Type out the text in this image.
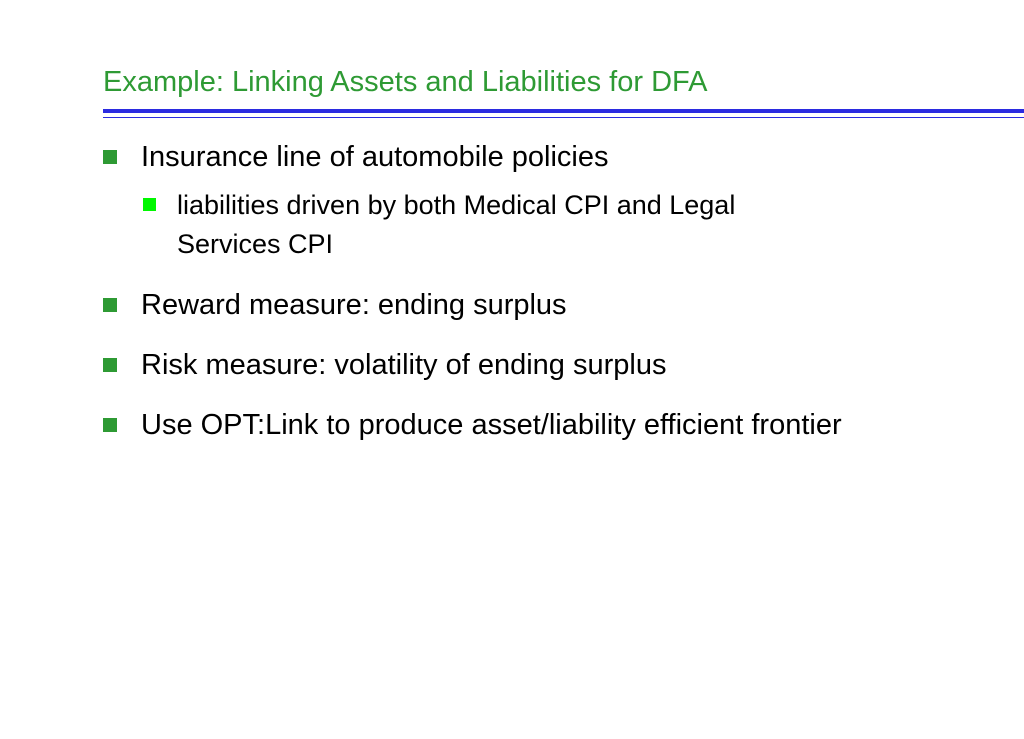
Example: Linking Assets and Liabilities for DFA
Insurance line of automobile policies
liabilities driven by both Medical CPI and Legal
Services CPI
Reward measure: ending surplus
Risk measure: volatility of ending surplus
Use OPT:Link to produce asset/liability efficient frontier
